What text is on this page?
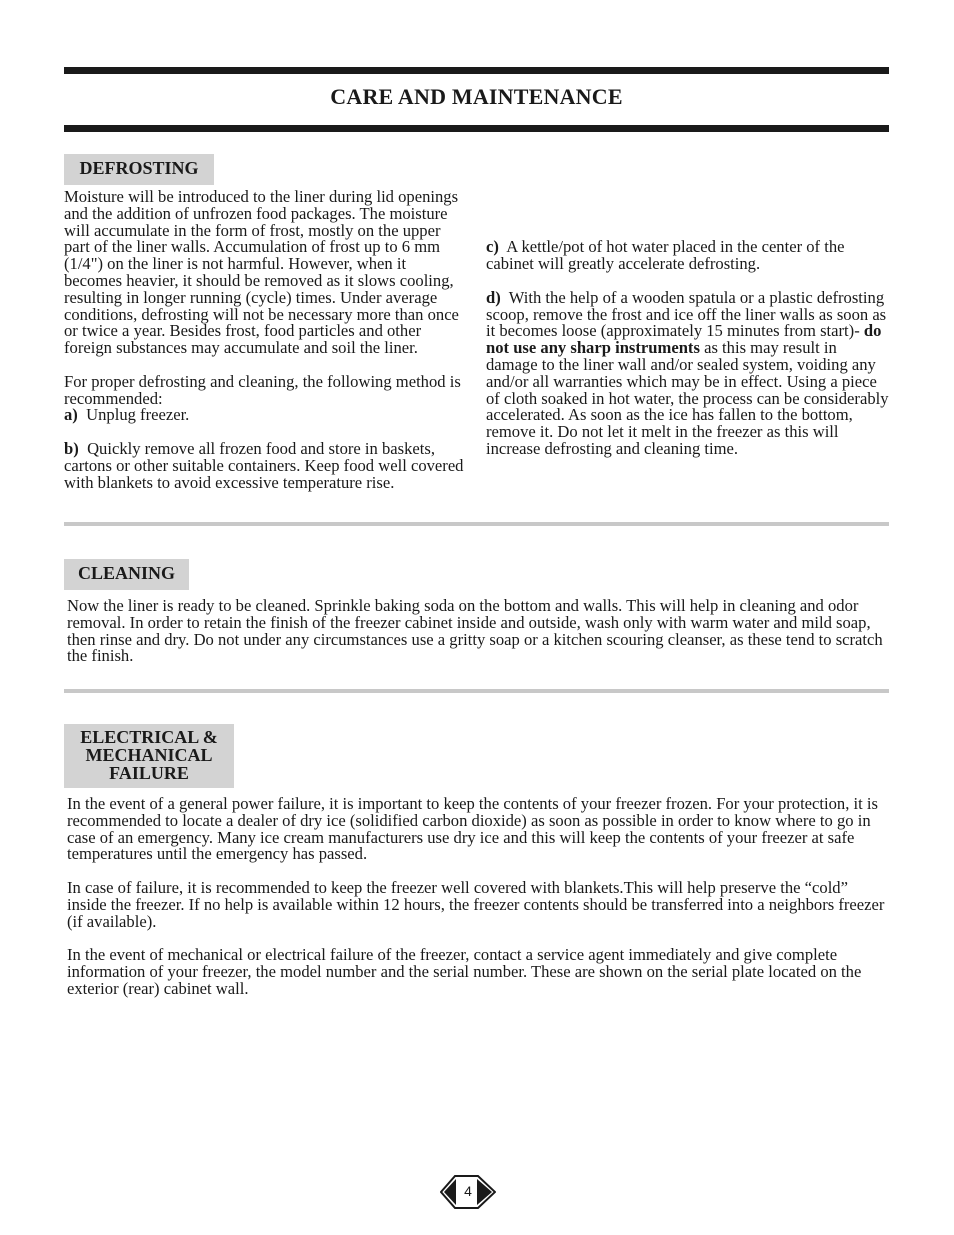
CARE AND MAINTENANCE
DEFROSTING

Moisture will be introduced to the liner during lid openings and the addition of unfrozen food packages. The moisture will accumulate in the form of frost, mostly on the upper part of the liner walls. Accumulation of frost up to 6 mm (1/4") on the liner is not harmful. However, when it becomes heavier, it should be removed as it slows cooling, resulting in longer running (cycle) times. Under average conditions, defrosting will not be necessary more than once or twice a year. Besides frost, food particles and other foreign substances may accumulate and soil the liner.

For proper defrosting and cleaning, the following method is recommended:
a) Unplug freezer.

b) Quickly remove all frozen food and store in baskets, cartons or other suitable containers. Keep food well covered with blankets to avoid excessive temperature rise.

c) A kettle/pot of hot water placed in the center of the cabinet will greatly accelerate defrosting.

d) With the help of a wooden spatula or a plastic defrosting scoop, remove the frost and ice off the liner walls as soon as it becomes loose (approximately 15 minutes from start)- do not use any sharp instruments as this may result in damage to the liner wall and/or sealed system, voiding any and/or all warranties which may be in effect. Using a piece of cloth soaked in hot water, the process can be considerably accelerated. As soon as the ice has fallen to the bottom, remove it. Do not let it melt in the freezer as this will increase defrosting and cleaning time.

CLEANING

Now the liner is ready to be cleaned. Sprinkle baking soda on the bottom and walls. This will help in cleaning and odor removal. In order to retain the finish of the freezer cabinet inside and outside, wash only with warm water and mild soap, then rinse and dry. Do not under any circumstances use a gritty soap or a kitchen scouring cleanser, as these tend to scratch the finish.

ELECTRICAL &
MECHANICAL
FAILURE

In the event of a general power failure, it is important to keep the contents of your freezer frozen. For your protection, it is recommended to locate a dealer of dry ice (solidified carbon dioxide) as soon as possible in order to know where to go in case of an emergency. Many ice cream manufacturers use dry ice and this will keep the contents of your freezer at safe temperatures until the emergency has passed.

In case of failure, it is recommended to keep the freezer well covered with blankets.This will help preserve the “cold” inside the freezer. If no help is available within 12 hours, the freezer contents should be transferred into a neighbors freezer (if available).

In the event of mechanical or electrical failure of the freezer, contact a service agent immediately and give complete information of your freezer, the model number and the serial number. These are shown on the serial plate located on the exterior (rear) cabinet wall.

4
